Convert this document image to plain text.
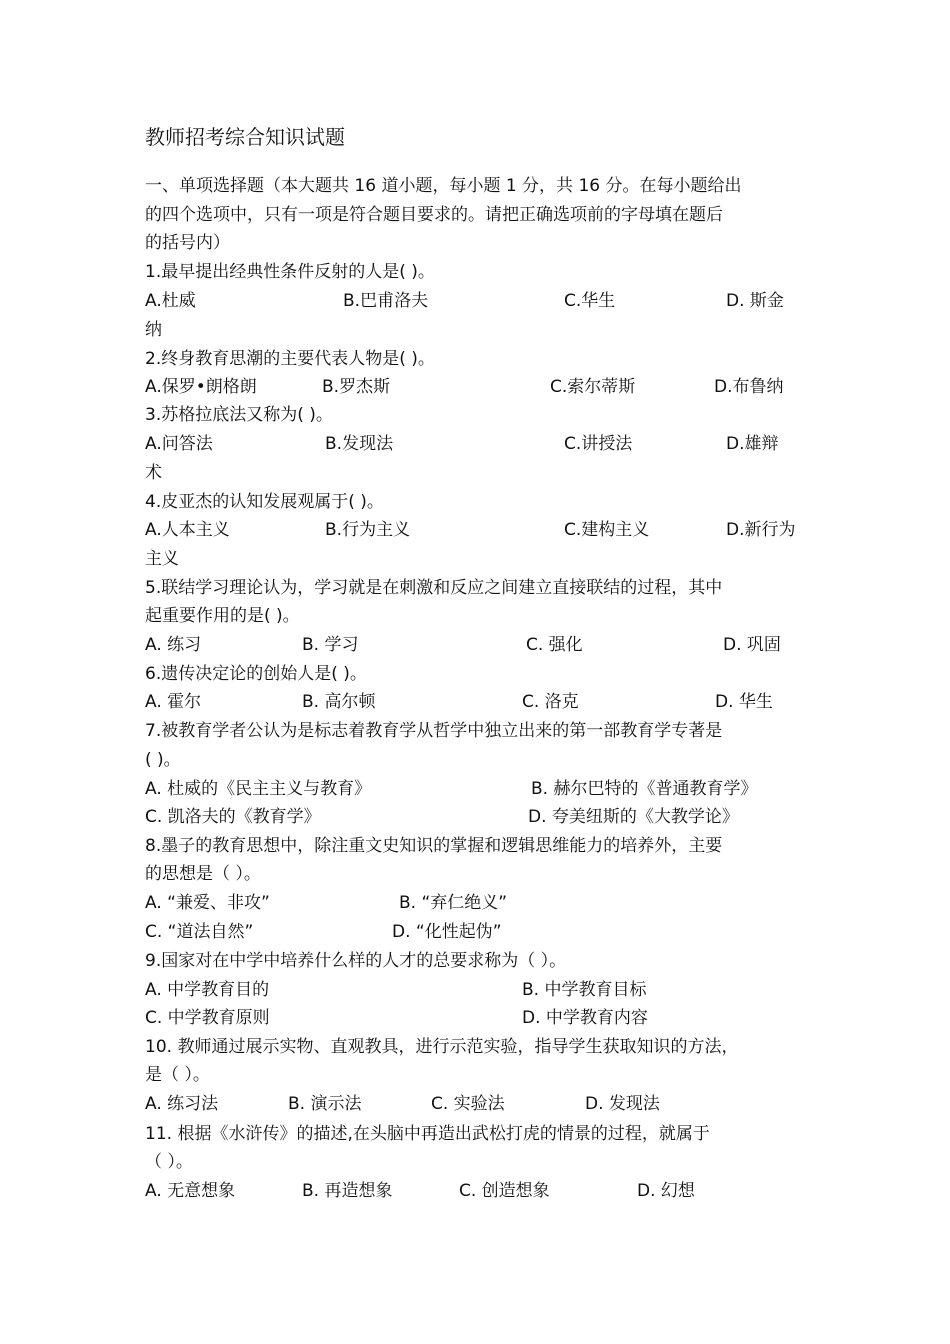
教师招考综合知识试题
一、单项选择题（本大题共 16 道小题，每小题 1 分，共 16 分。在每小题给出
的四个选项中，只有一项是符合题目要求的。请把正确选项前的字母填在题后
的括号内）
1.最早提出经典性条件反射的人是( )。
A.杜威	B.巴甫洛夫	C.华生	D. 斯金
纳
2.终身教育思潮的主要代表人物是( )。
A.保罗•朗格朗	B.罗杰斯	C.索尔蒂斯	D.布鲁纳
3.苏格拉底法又称为( )。
A.问答法	B.发现法	C.讲授法	D.雄辩
术
4.皮亚杰的认知发展观属于( )。
A.人本主义	B.行为主义	C.建构主义	D.新行为
主义
5.联结学习理论认为，学习就是在刺激和反应之间建立直接联结的过程，其中
起重要作用的是( )。
A. 练习	B. 学习	C. 强化	D. 巩固
6.遗传决定论的创始人是( )。
A. 霍尔	B. 高尔顿	C. 洛克	D. 华生
7.被教育学者公认为是标志着教育学从哲学中独立出来的第一部教育学专著是
( )。
A. 杜威的《民主主义与教育》	B. 赫尔巴特的《普通教育学》
C. 凯洛夫的《教育学》	D. 夸美纽斯的《大教学论》
8.墨子的教育思想中，除注重文史知识的掌握和逻辑思维能力的培养外，主要
的思想是（ ）。
A. “兼爱、非攻”	B. “弃仁绝义”
C. “道法自然”	D. “化性起伪”
9.国家对在中学中培养什么样的人才的总要求称为（ ）。
A. 中学教育目的	B. 中学教育目标
C. 中学教育原则	D. 中学教育内容
10. 教师通过展示实物、直观教具，进行示范实验，指导学生获取知识的方法，
是（ ）。
A. 练习法	B. 演示法	C. 实验法	D. 发现法
11. 根据《水浒传》的描述,在头脑中再造出武松打虎的情景的过程，就属于
（ ）。
A. 无意想象	B. 再造想象	C. 创造想象	D. 幻想
